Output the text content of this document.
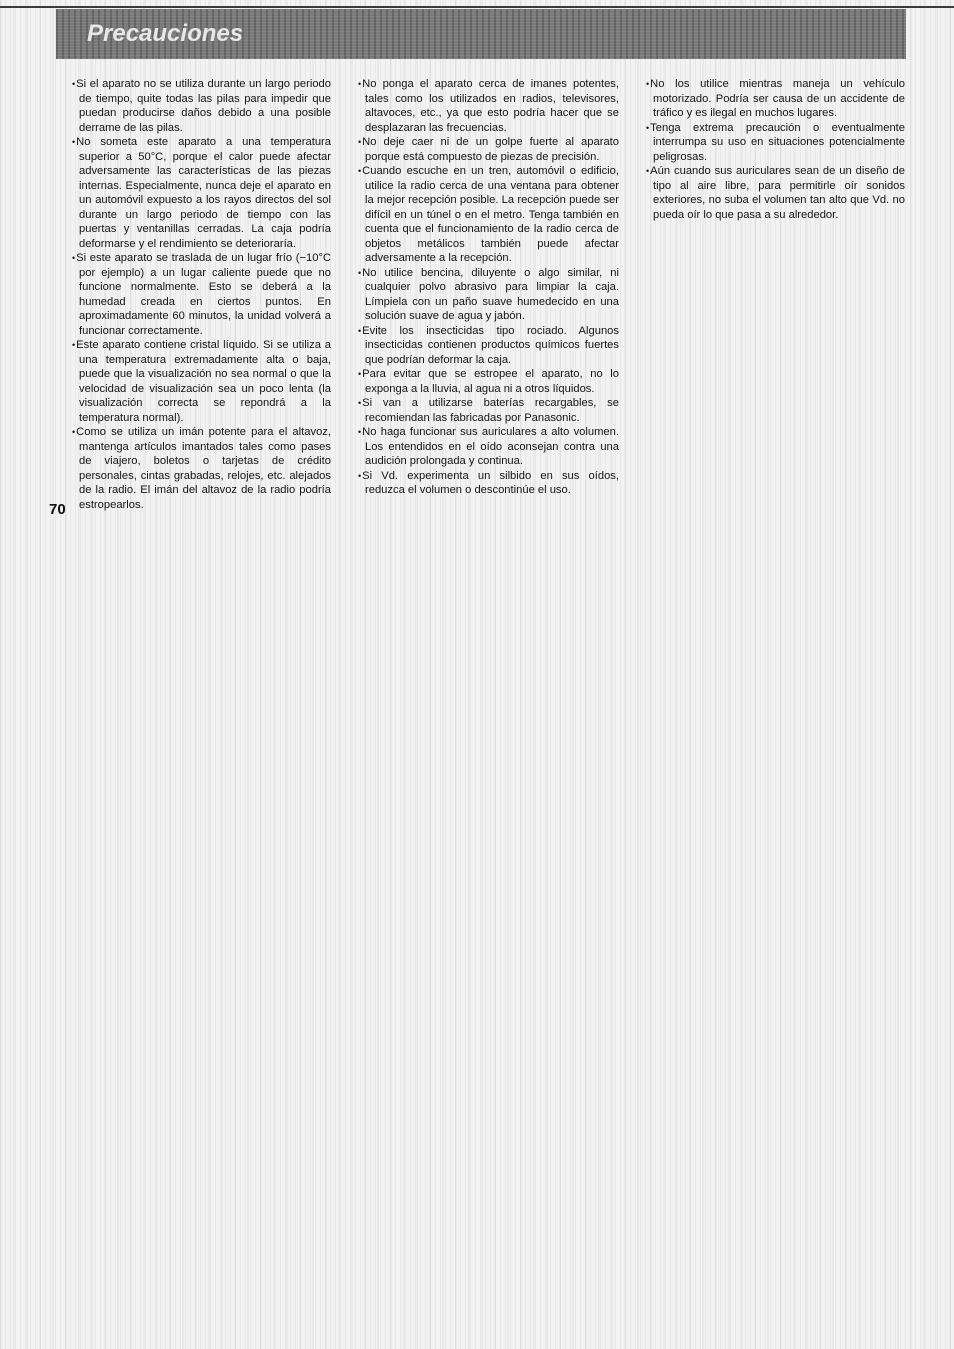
Precauciones

• Si el aparato no se utiliza durante un largo periodo de tiempo, quite todas las pilas para impedir que puedan producirse daños debido a una posible derrame de las pilas.

• No someta este aparato a una temperatura superior a 50°C, porque el calor puede afectar adversamente las características de las piezas internas. Especialmente, nunca deje el aparato en un automóvil expuesto a los rayos directos del sol durante un largo periodo de tiempo con las puertas y ventanillas cerradas. La caja podría deformarse y el rendimiento se deterioraría.

• Si este aparato se traslada de un lugar frío (−10°C por ejemplo) a un lugar caliente puede que no funcione normalmente. Esto se deberá a la humedad creada en ciertos puntos. En aproximadamente 60 minutos, la unidad volverá a funcionar correctamente.

• Este aparato contiene cristal líquido. Si se utiliza a una temperatura extremadamente alta o baja, puede que la visualización no sea normal o que la velocidad de visualización sea un poco lenta (la visualización correcta se repondrá a la temperatura normal).

• Como se utiliza un imán potente para el altavoz, mantenga artículos imantados tales como pases de viajero, boletos o tarjetas de crédito personales, cintas grabadas, relojes, etc. alejados de la radio. El imán del altavoz de la radio podría estropearlos.

• No ponga el aparato cerca de imanes potentes, tales como los utilizados en radios, televisores, altavoces, etc., ya que esto podría hacer que se desplazaran las frecuencias.

• No deje caer ni de un golpe fuerte al aparato porque está compuesto de piezas de precisión.

• Cuando escuche en un tren, automóvil o edificio, utilice la radio cerca de una ventana para obtener la mejor recepción posible. La recepción puede ser difícil en un túnel o en el metro. Tenga también en cuenta que el funcionamiento de la radio cerca de objetos metálicos también puede afectar adversamente a la recepción.

• No utilice bencina, diluyente o algo similar, ni cualquier polvo abrasivo para limpiar la caja. Límpiela con un paño suave humedecido en una solución suave de agua y jabón.

• Evite los insecticidas tipo rociado. Algunos insecticidas contienen productos químicos fuertes que podrían deformar la caja.

• Para evitar que se estropee el aparato, no lo exponga a la lluvia, al agua ni a otros líquidos.

• Si van a utilizarse baterías recargables, se recomiendan las fabricadas por Panasonic.

• No haga funcionar sus auriculares a alto volumen. Los entendidos en el oído aconsejan contra una audición prolongada y continua.

• Si Vd. experimenta un silbido en sus oídos, reduzca el volumen o descontinúe el uso.

• No los utilice mientras maneja un vehículo motorizado. Podría ser causa de un accidente de tráfico y es ilegal en muchos lugares.

• Tenga extrema precaución o eventualmente interrumpa su uso en situaciones potencialmente peligrosas.

• Aún cuando sus auriculares sean de un diseño de tipo al aire libre, para permitirle oír sonidos exteriores, no suba el volumen tan alto que Vd. no pueda oír lo que pasa a su alrededor.

70
